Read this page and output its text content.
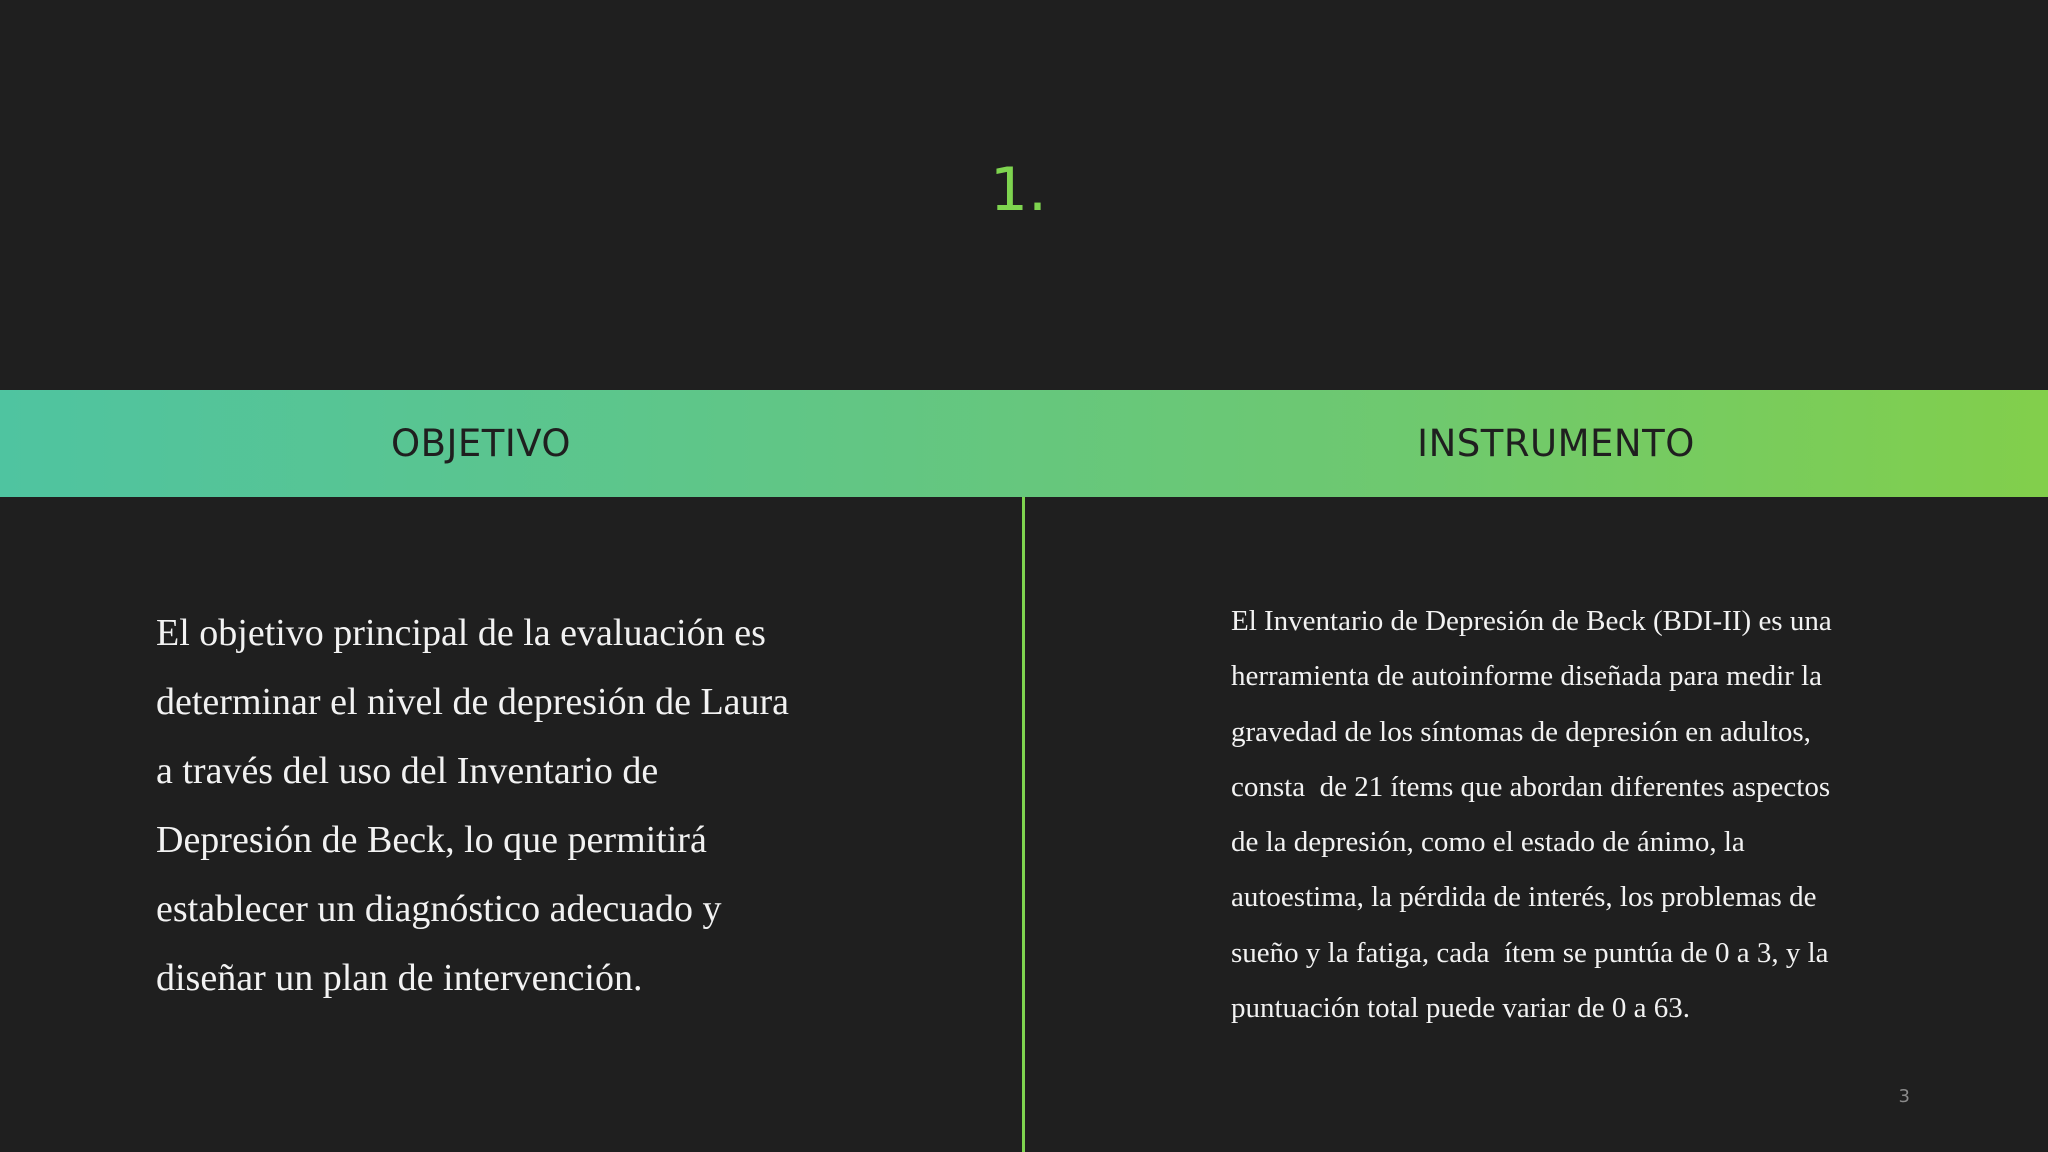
1.
OBJETIVO	INSTRUMENTO
El objetivo principal de la evaluación es
determinar el nivel de depresión de Laura
a través del uso del Inventario de
Depresión de Beck, lo que permitirá
establecer un diagnóstico adecuado y
diseñar un plan de intervención.
El Inventario de Depresión de Beck (BDI-II) es una
herramienta de autoinforme diseñada para medir la
gravedad de los síntomas de depresión en adultos,
consta  de 21 ítems que abordan diferentes aspectos
de la depresión, como el estado de ánimo, la
autoestima, la pérdida de interés, los problemas de
sueño y la fatiga, cada  ítem se puntúa de 0 a 3, y la
puntuación total puede variar de 0 a 63.
3
